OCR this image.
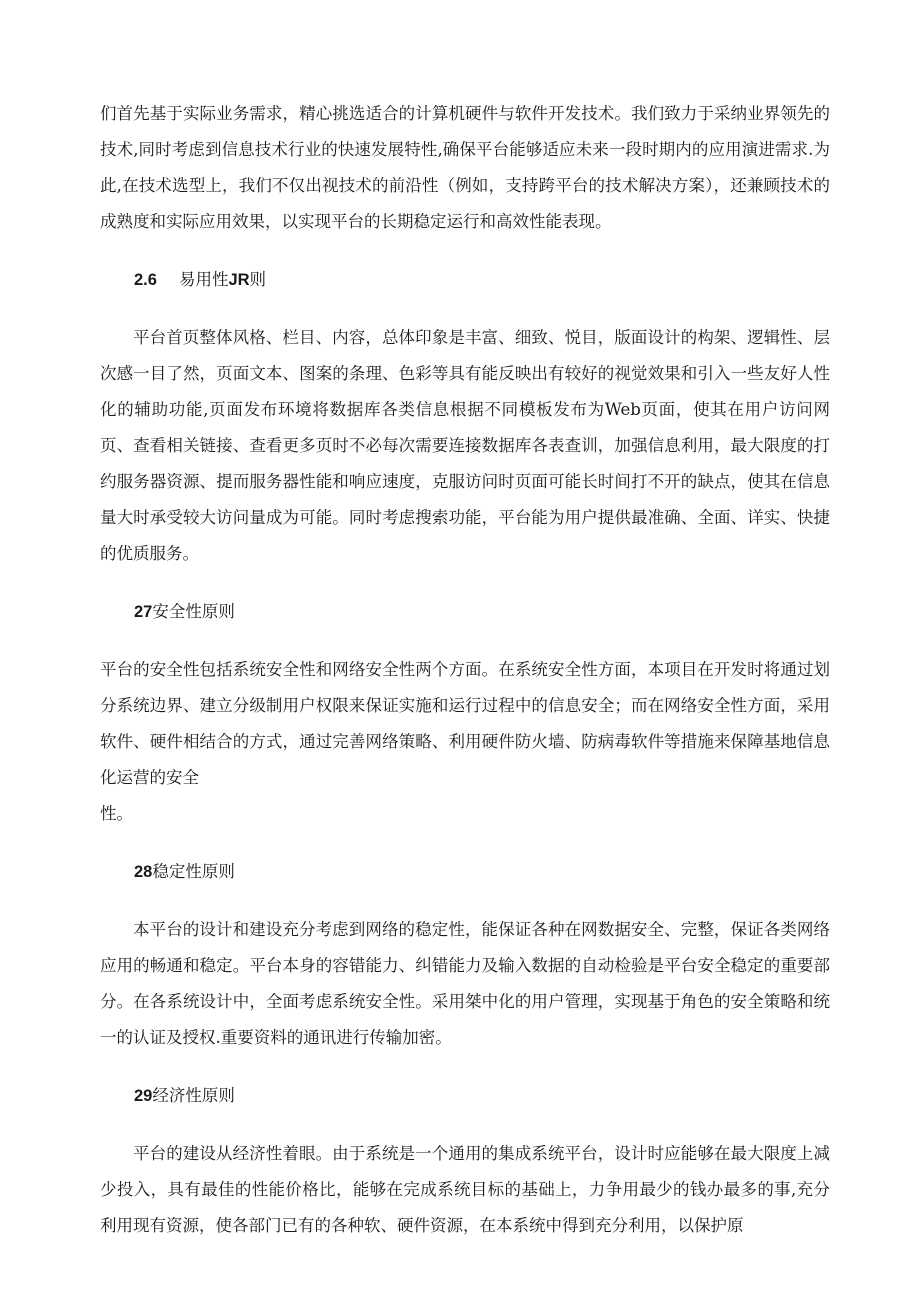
们首先基于实际业务需求，精心挑选适合的计算机硬件与软件开发技术。我们致力于采纳业界领先的技术,同时考虑到信息技术行业的快速发展特性,确保平台能够适应未来一段时期内的应用演进需求.为此,在技术选型上，我们不仅出视技术的前沿性（例如，支持跨平台的技术解决方案），还兼顾技术的成熟度和实际应用效果，以实现平台的长期稳定运行和高效性能表现。

2.6 易用性JR则

平台首页整体风格、栏目、内容，总体印象是丰富、细致、悦目，版面设计的构架、逻辑性、层次感一目了然，页面文本、图案的条理、色彩等具有能反映出有较好的视觉效果和引入一些友好人性化的辅助功能,页面发布环境将数据库各类信息根据不同模板发布为Web页面，使其在用户访问网页、查看相关链接、查看更多页时不必每次需要连接数据库各表查训，加强信息利用，最大限度的打约服务器资源、提而服务器性能和响应速度，克服访问时页面可能长时间打不开的缺点，使其在信息量大时承受较大访问量成为可能。同时考虑搜索功能，平台能为用户提供最准确、全面、详实、快捷的优质服务。

27安全性原则

平台的安全性包括系统安全性和网络安全性两个方面。在系统安全性方面，本项目在开发时将通过划分系统边界、建立分级制用户权限来保证实施和运行过程中的信息安全；而在网络安全性方面，采用软件、硬件相结合的方式，通过完善网络策略、利用硬件防火墙、防病毒软件等措施来保障基地信息化运营的安全

性。

28稳定性原则

本平台的设计和建设充分考虑到网络的稳定性，能保证各种在网数据安全、完整，保证各类网络应用的畅通和稳定。平台本身的容错能力、纠错能力及输入数据的自动检验是平台安全稳定的重要部分。在各系统设计中，全面考虑系统安全性。采用桀中化的用户管理，实现基于角色的安全策略和统一的认证及授权.重要资料的通讯进行传输加密。

29经济性原则

平台的建设从经济性着眼。由于系统是一个通用的集成系统平台，设计时应能够在最大限度上减少投入，具有最佳的性能价格比，能够在完成系统目标的基础上，力争用最少的钱办最多的事,充分利用现有资源，使各部门已有的各种软、硬件资源，在本系统中得到充分利用，以保护原
